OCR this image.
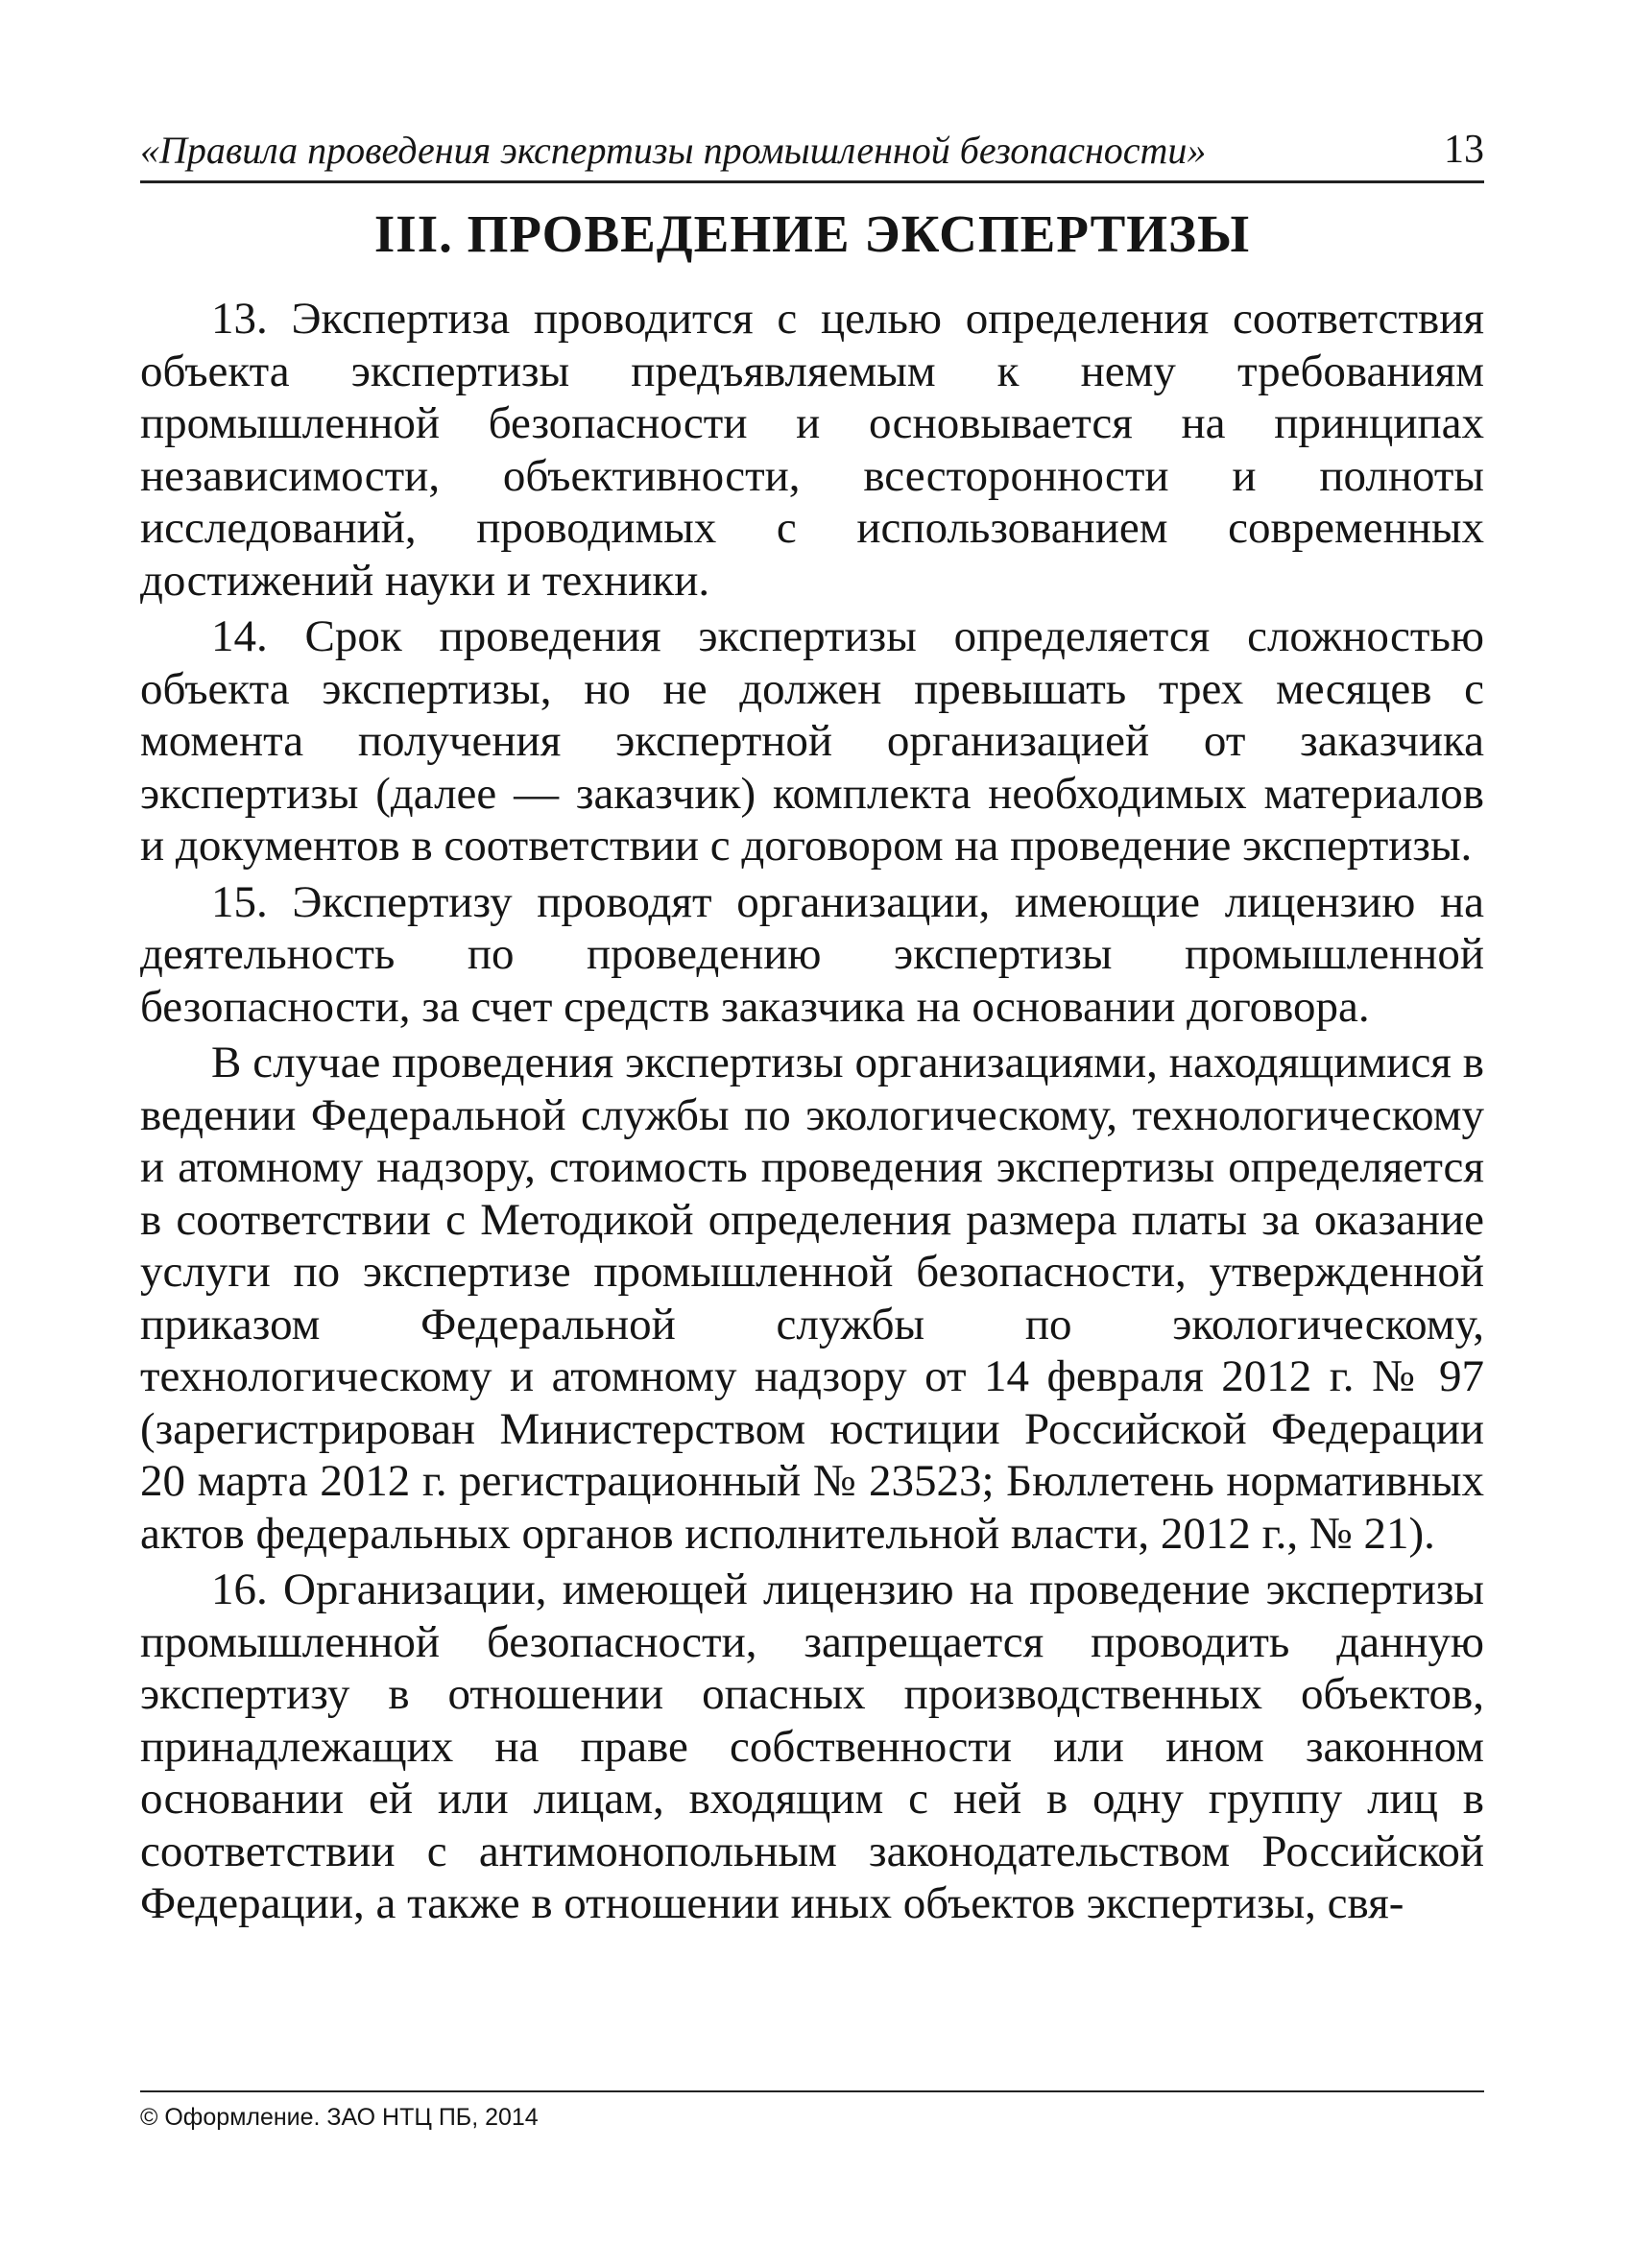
«Правила проведения экспертизы промышленной безопасности»	13
III. ПРОВЕДЕНИЕ ЭКСПЕРТИЗЫ

13. Экспертиза проводится с целью определения соответствия объекта экспертизы предъявляемым к нему требованиям промышленной безопасности и основывается на принципах независимости, объективности, всесторонности и полноты исследований, проводимых с использованием современных достижений науки и техники.

14. Срок проведения экспертизы определяется сложностью объекта экспертизы, но не должен превышать трех месяцев с момента получения экспертной организацией от заказчика экспертизы (далее — заказчик) комплекта необходимых материалов и документов в соответствии с договором на проведение экспертизы.

15. Экспертизу проводят организации, имеющие лицензию на деятельность по проведению экспертизы промышленной безопасности, за счет средств заказчика на основании договора.

В случае проведения экспертизы организациями, находящимися в ведении Федеральной службы по экологическому, технологическому и атомному надзору, стоимость проведения экспертизы определяется в соответствии с Методикой определения размера платы за оказание услуги по экспертизе промышленной безопасности, утвержденной приказом Федеральной службы по экологическому, технологическому и атомному надзору от 14 февраля 2012 г. № 97 (зарегистрирован Министерством юстиции Российской Федерации 20 марта 2012 г. регистрационный № 23523; Бюллетень нормативных актов федеральных органов исполнительной власти, 2012 г., № 21).

16. Организации, имеющей лицензию на проведение экспертизы промышленной безопасности, запрещается проводить данную экспертизу в отношении опасных производственных объектов, принадлежащих на праве собственности или ином законном основании ей или лицам, входящим с ней в одну группу лиц в соответствии с антимонопольным законодательством Российской Федерации, а также в отношении иных объектов экспертизы, свя-

© Оформление. ЗАО НТЦ ПБ, 2014
